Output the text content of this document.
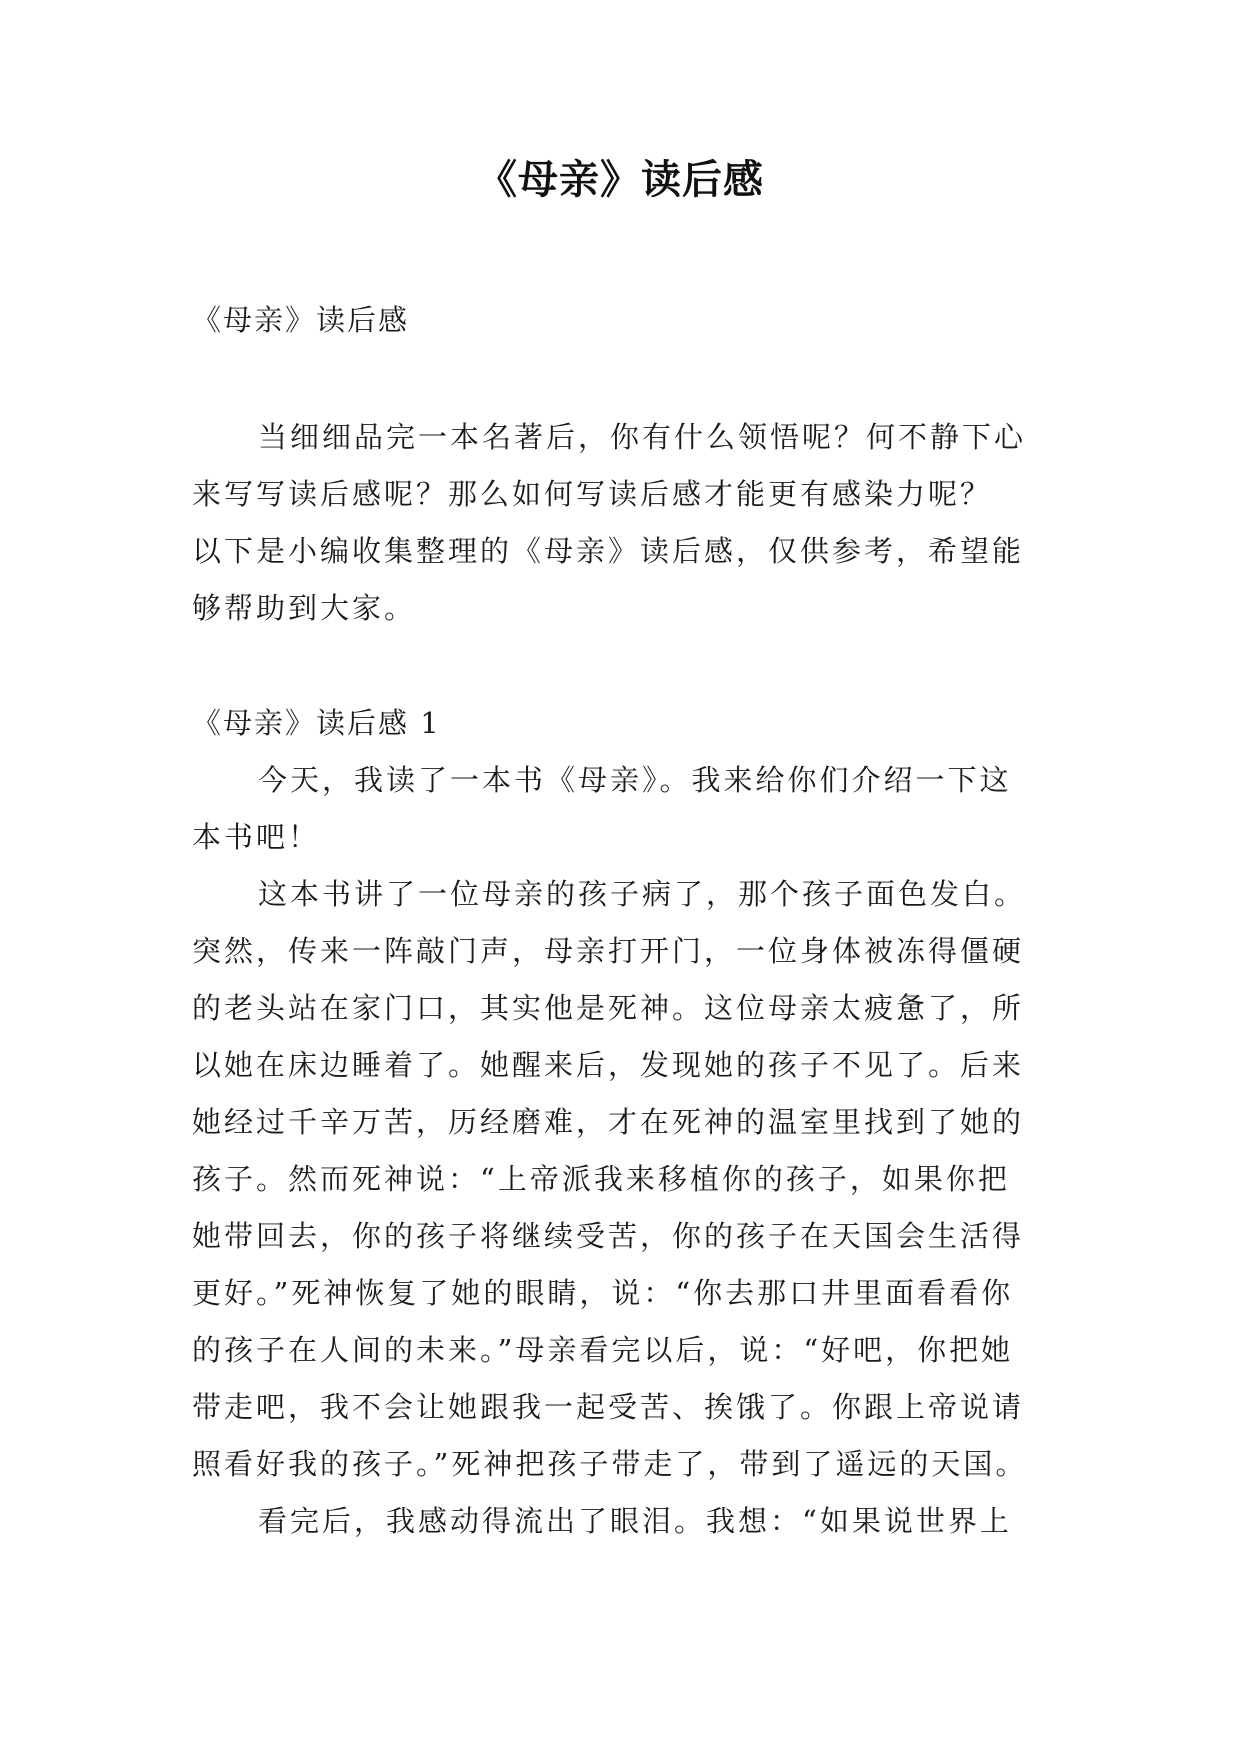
《母亲》读后感
《母亲》读后感
当细细品完一本名著后，你有什么领悟呢？何不静下心
来写写读后感呢？那么如何写读后感才能更有感染力呢？
以下是小编收集整理的《母亲》读后感，仅供参考，希望能
够帮助到大家。
《母亲》读后感 1
今天，我读了一本书《母亲》。我来给你们介绍一下这
本书吧！
这本书讲了一位母亲的孩子病了，那个孩子面色发白。
突然，传来一阵敲门声，母亲打开门，一位身体被冻得僵硬
的老头站在家门口，其实他是死神。这位母亲太疲惫了，所
以她在床边睡着了。她醒来后，发现她的孩子不见了。后来
她经过千辛万苦，历经磨难，才在死神的温室里找到了她的
孩子。然而死神说：“上帝派我来移植你的孩子，如果你把
她带回去，你的孩子将继续受苦，你的孩子在天国会生活得
更好。”死神恢复了她的眼睛，说：“你去那口井里面看看你
的孩子在人间的未来。”母亲看完以后，说：“好吧，你把她
带走吧，我不会让她跟我一起受苦、挨饿了。你跟上帝说请
照看好我的孩子。”死神把孩子带走了，带到了遥远的天国。
看完后，我感动得流出了眼泪。我想：“如果说世界上
